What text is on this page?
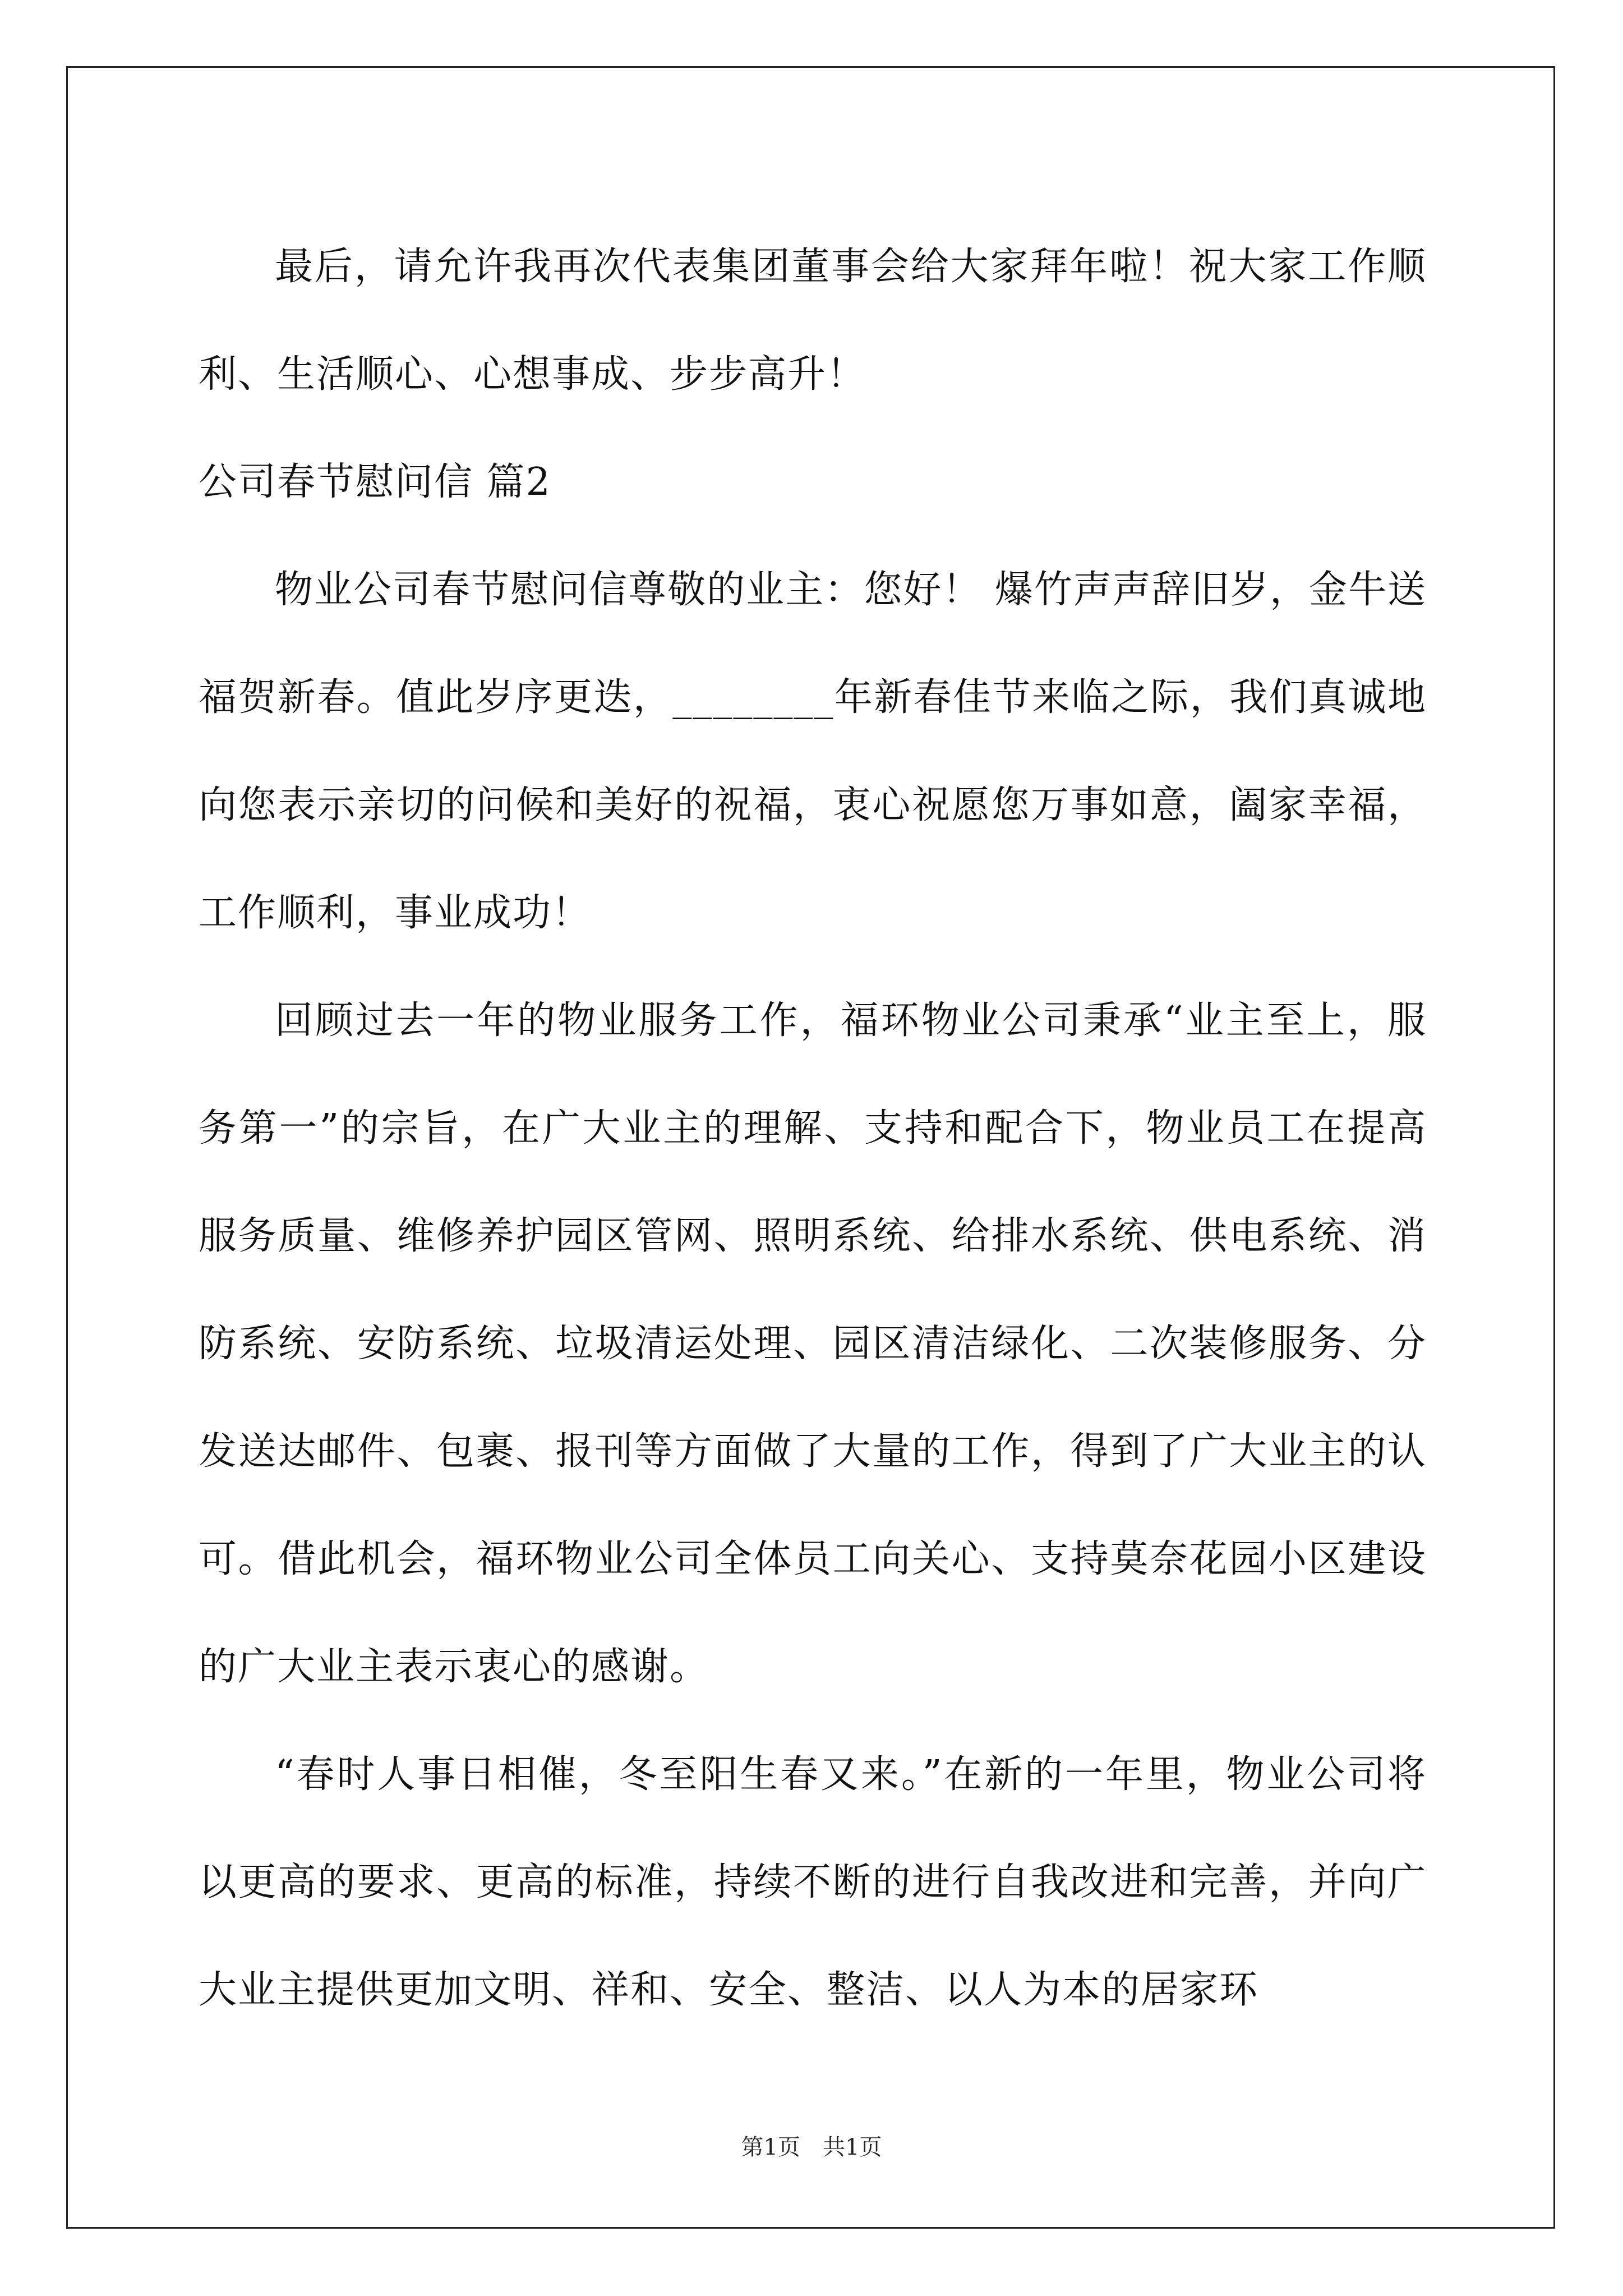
最后，请允许我再次代表集团董事会给大家拜年啦！祝大家工作顺利、生活顺心、心想事成、步步高升！

公司春节慰问信 篇2

物业公司春节慰问信尊敬的业主：您好！ 爆竹声声辞旧岁，金牛送福贺新春。值此岁序更迭，________年新春佳节来临之际，我们真诚地向您表示亲切的问候和美好的祝福，衷心祝愿您万事如意，阖家幸福，工作顺利，事业成功！

回顾过去一年的物业服务工作，福环物业公司秉承“业主至上，服务第一”的宗旨，在广大业主的理解、支持和配合下，物业员工在提高服务质量、维修养护园区管网、照明系统、给排水系统、供电系统、消防系统、安防系统、垃圾清运处理、园区清洁绿化、二次装修服务、分发送达邮件、包裹、报刊等方面做了大量的工作，得到了广大业主的认可。借此机会，福环物业公司全体员工向关心、支持莫奈花园小区建设的广大业主表示衷心的感谢。

“春时人事日相催，冬至阳生春又来。”在新的一年里，物业公司将以更高的要求、更高的标准，持续不断的进行自我改进和完善，并向广大业主提供更加文明、祥和、安全、整洁、以人为本的居家环

第1页　共1页
